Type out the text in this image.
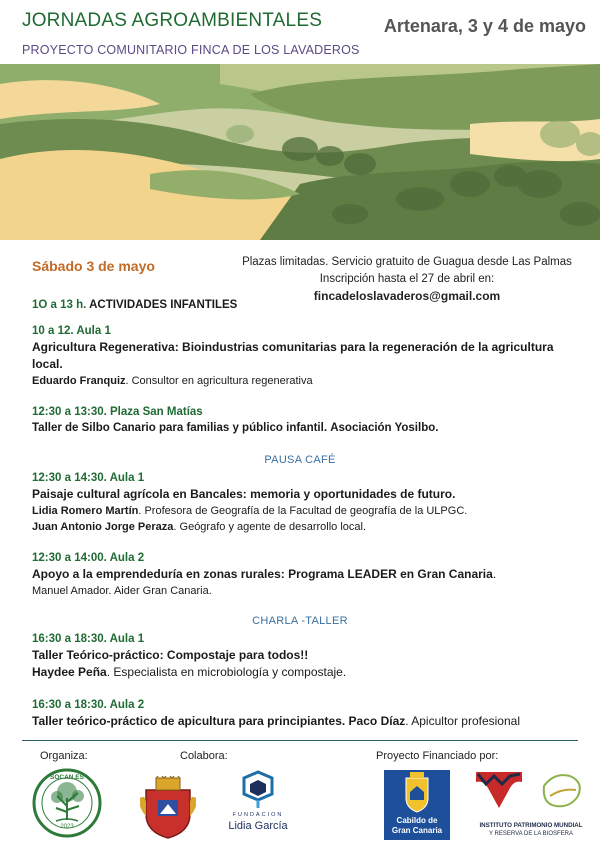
JORNADAS AGROAMBIENTALES	Artenara, 3 y 4 de mayo
PROYECTO COMUNITARIO FINCA DE LOS LAVADEROS
Sábado 3 de mayo	Plazas limitadas. Servicio gratuito de Guagua desde Las Palmas
Inscripción hasta el 27 de abril en:
fincadeloslavaderos@gmail.com
1O a 13 h. ACTIVIDADES INFANTILES
10 a 12. Aula 1
Agricultura Regenerativa: Bioindustrias comunitarias para la regeneración de la agricultura local.
Eduardo Franquiz. Consultor en agricultura regenerativa
12:30 a 13:30. Plaza San Matías
Taller de Silbo Canario para familias y público infantil. Asociación Yosilbo.
PAUSA CAFÉ
12:30 a 14:30. Aula 1
Paisaje cultural agrícola en Bancales: memoria y oportunidades de futuro.
Lidia Romero Martín. Profesora de Geografía de la Facultad de geografía de la ULPGC.
Juan Antonio Jorge Peraza. Geógrafo y agente de desarrollo local.
12:30 a 14:00. Aula 2
Apoyo a la emprendeduría en zonas rurales: Programa LEADER en Gran Canaria.
Manuel Amador. Aider Gran Canaria.
CHARLA -TALLER
16:30 a 18:30. Aula 1
Taller Teórico-práctico: Compostaje para todos!!
Haydee Peña. Especialista en microbiología y compostaje.
16:30 a 18:30. Aula 2
Taller teórico-práctico de apicultura para principiantes. Paco Díaz. Apicultor profesional
Organiza:	Colabora:	Proyecto Financiado por:
SOCAN.ES
2023
FUNDACION
Lidia García	Cabildo de
Gran Canaria
INSTITUTO PATRIMONIO MUNDIAL
Y RESERVA DE LA BIOSFERA
